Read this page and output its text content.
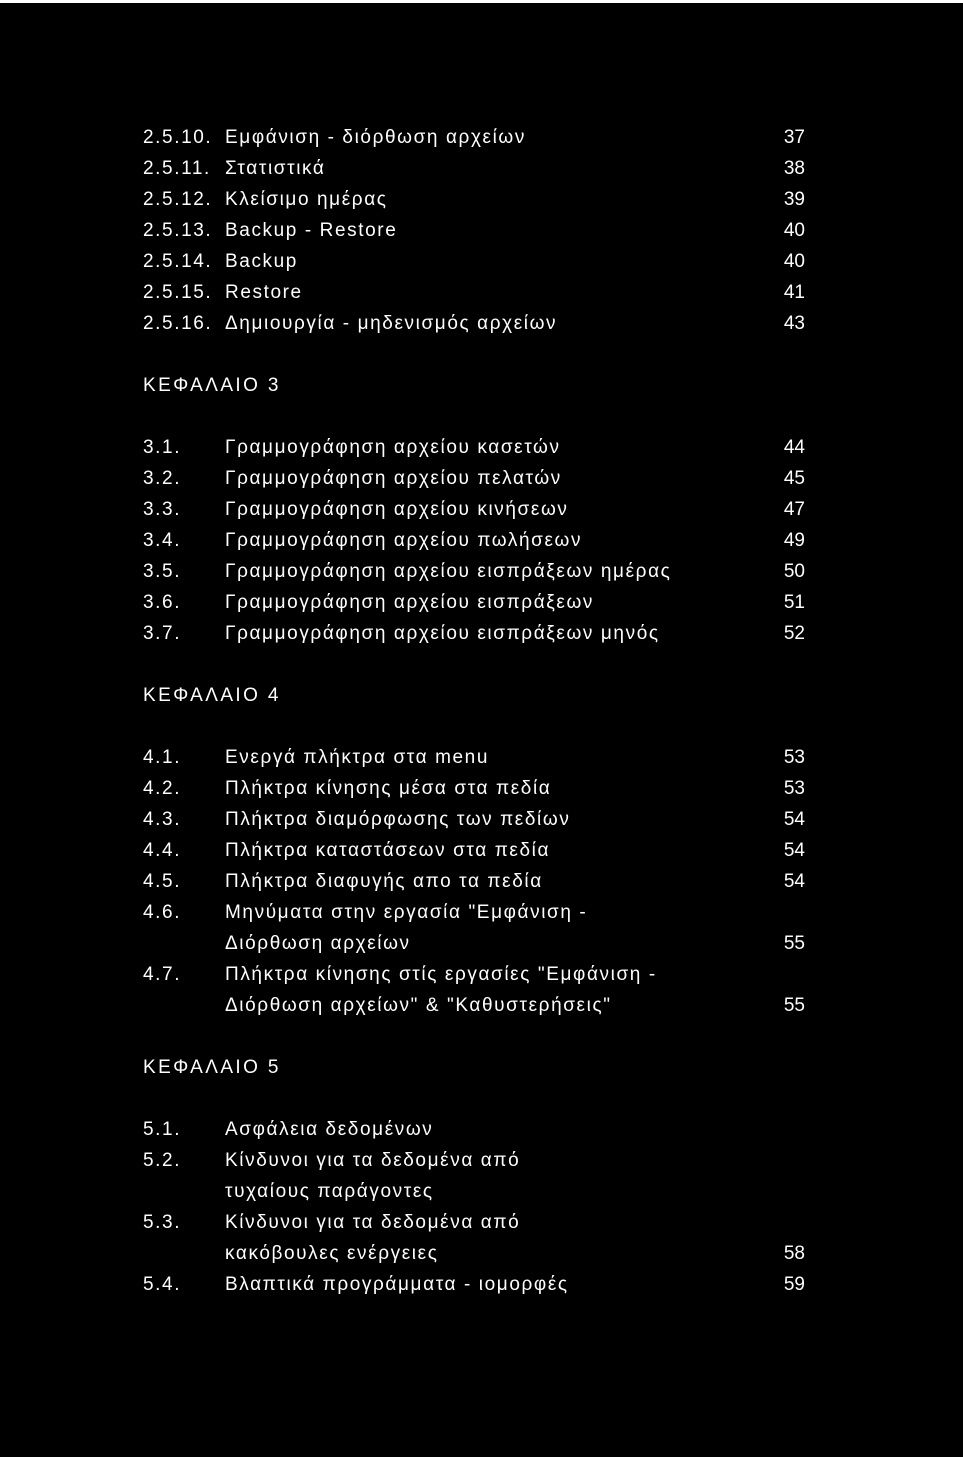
2.5.10. Εμφάνιση - διόρθωση αρχείων	37
2.5.11. Στατιστικά	38
2.5.12. Κλείσιμο ημέρας	39
2.5.13. Backup - Restore	40
2.5.14. Backup	40
2.5.15. Restore	41
2.5.16. Δημιουργία - μηδενισμός αρχείων	43
ΚΕΦΑΛΑΙΟ 3
3.1. Γραμμογράφηση αρχείου κασετών	44
3.2. Γραμμογράφηση αρχείου πελατών	45
3.3. Γραμμογράφηση αρχείου κινήσεων	47
3.4. Γραμμογράφηση αρχείου πωλήσεων	49
3.5. Γραμμογράφηση αρχείου εισπράξεων ημέρας	50
3.6. Γραμμογράφηση αρχείου εισπράξεων	51
3.7. Γραμμογράφηση αρχείου εισπράξεων μηνός	52
ΚΕΦΑΛΑΙΟ 4
4.1. Ενεργά πλήκτρα στα menu	53
4.2. Πλήκτρα κίνησης μέσα στα πεδία	53
4.3. Πλήκτρα διαμόρφωσης των πεδίων	54
4.4. Πλήκτρα καταστάσεων στα πεδία	54
4.5. Πλήκτρα διαφυγής απο τα πεδία	54
4.6. Μηνύματα στην εργασία "Εμφάνιση -
Διόρθωση αρχείων	55
4.7. Πλήκτρα κίνησης στίς εργασίες "Εμφάνιση -
Διόρθωση αρχείων" & "Καθυστερήσεις"	55
ΚΕΦΑΛΑΙΟ 5
5.1. Ασφάλεια δεδομένων
5.2. Κίνδυνοι για τα δεδομένα από
τυχαίους παράγοντες
5.3. Κίνδυνοι για τα δεδομένα από
κακόβουλες ενέργειες	58
5.4. Βλαπτικά προγράμματα - ιομορφές	59
